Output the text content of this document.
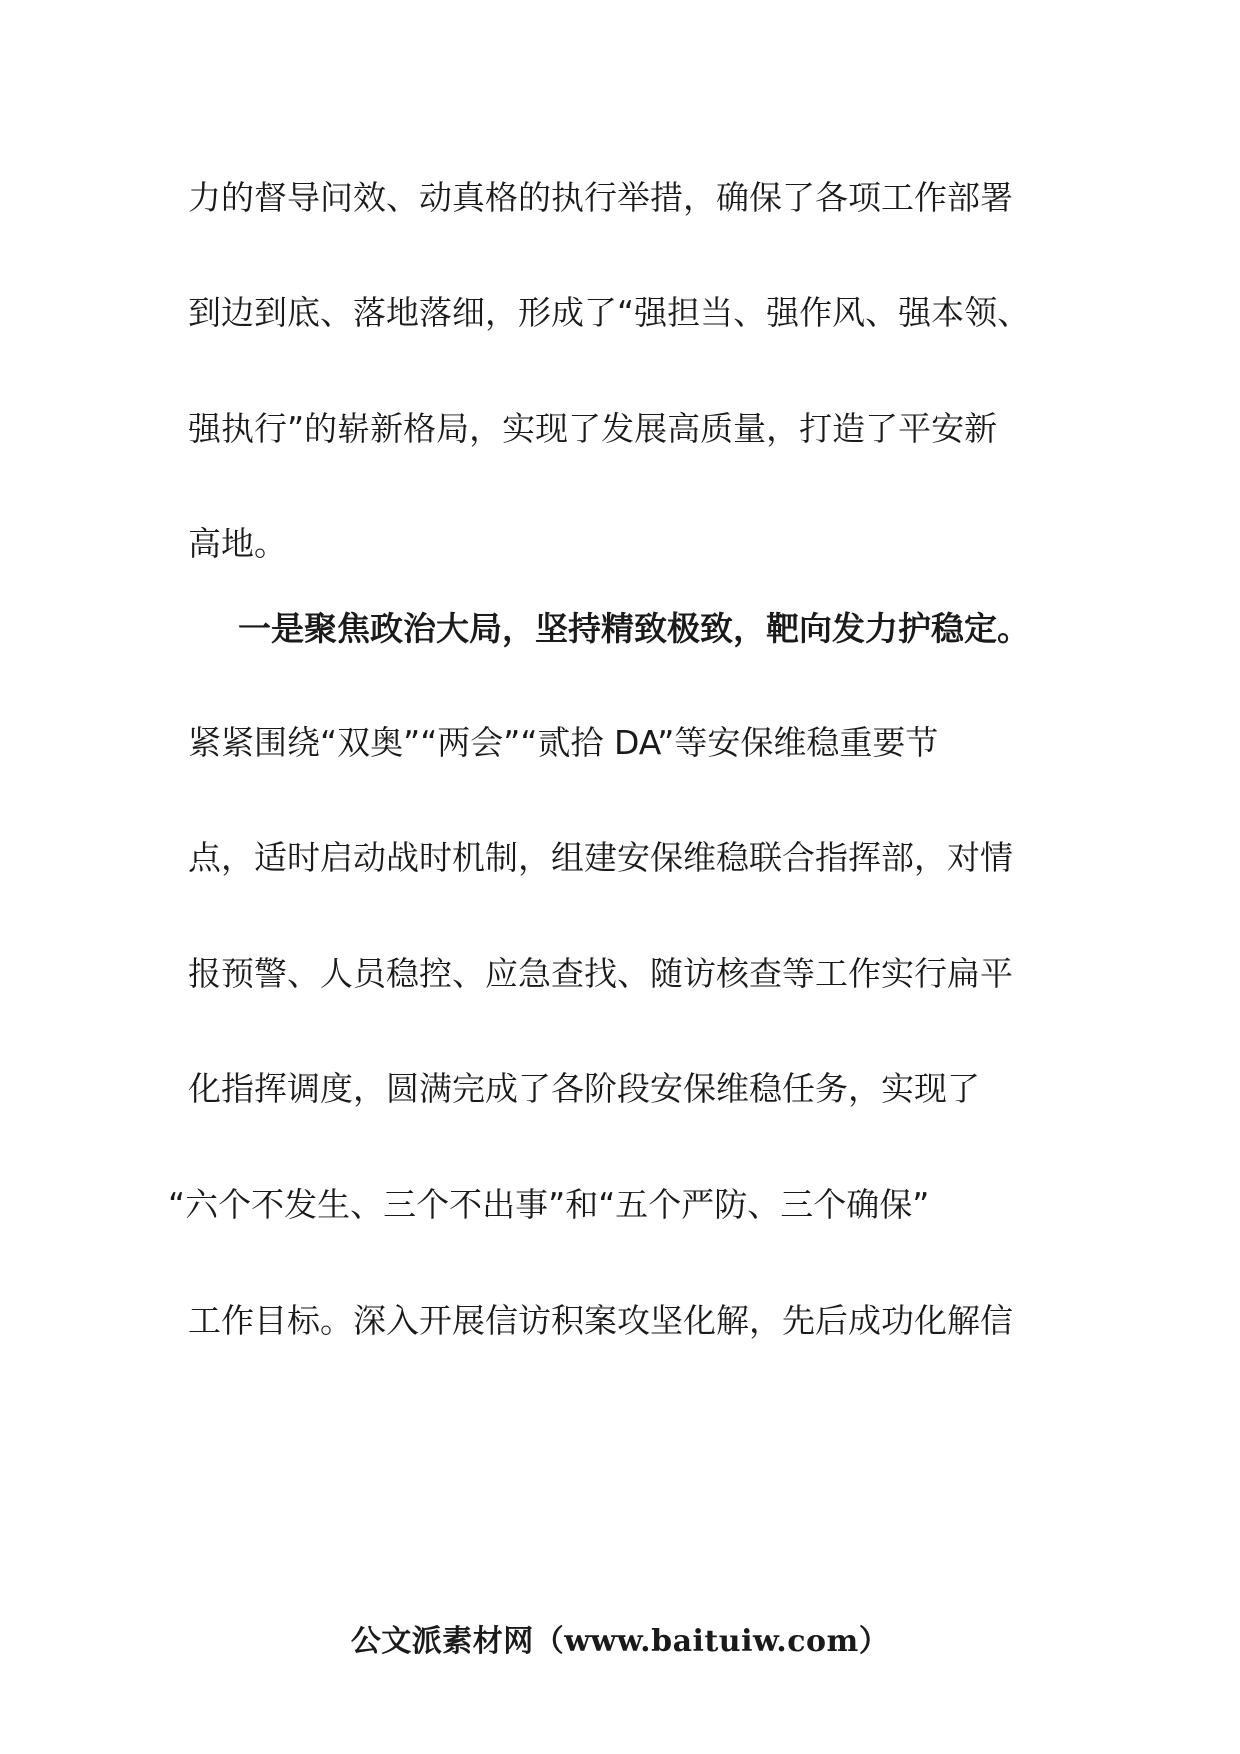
力的督导问效、动真格的执行举措，确保了各项工作部署
到边到底、落地落细，形成了“强担当、强作风、强本领、
强执行”的崭新格局，实现了发展高质量，打造了平安新
高地。
一是聚焦政治大局，坚持精致极致，靶向发力护稳定。
紧紧围绕“双奥”“两会”“贰拾 DA”等安保维稳重要节
点，适时启动战时机制，组建安保维稳联合指挥部，对情
报预警、人员稳控、应急查找、随访核查等工作实行扁平
化指挥调度，圆满完成了各阶段安保维稳任务，实现了
“六个不发生、三个不出事”和“五个严防、三个确保”
工作目标。深入开展信访积案攻坚化解，先后成功化解信
公文派素材网（www.baituiw.com）
